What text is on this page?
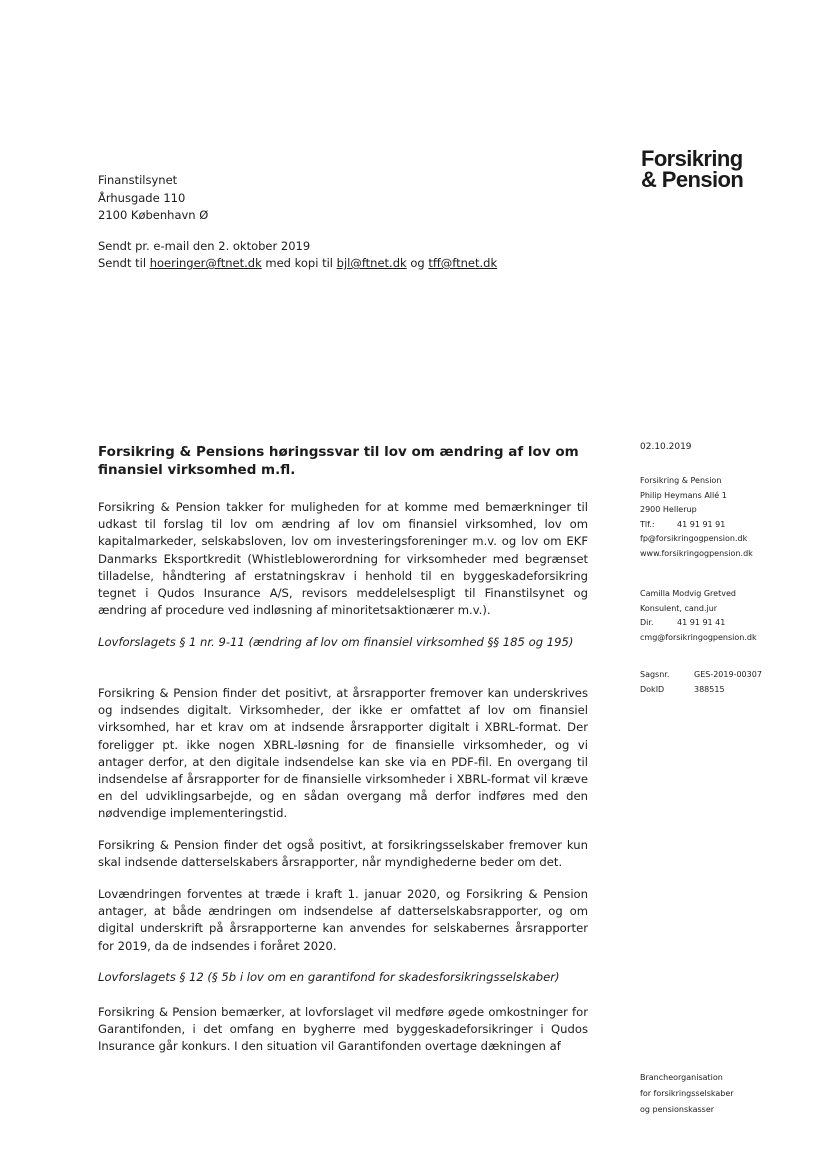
Forsikring
& Pension
Finanstilsynet
Århusgade 110
2100 København Ø
Sendt pr. e-mail den 2. oktober 2019
Sendt til hoeringer@ftnet.dk med kopi til bjl@ftnet.dk og tff@ftnet.dk
Forsikring & Pensions høringssvar til lov om ændring af lov om finansiel virksomhed m.fl.

Forsikring & Pension takker for muligheden for at komme med bemærkninger til udkast til forslag til lov om ændring af lov om finansiel virksomhed, lov om kapitalmarkeder, selskabsloven, lov om investeringsforeninger m.v. og lov om EKF Danmarks Eksportkredit (Whistleblowerordning for virksomheder med begrænset tilladelse, håndtering af erstatningskrav i henhold til en byggeskadeforsikring tegnet i Qudos Insurance A/S, revisors meddelelsespligt til Finanstilsynet og ændring af procedure ved indløsning af minoritetsaktionærer m.v.).

Lovforslagets § 1 nr. 9-11 (ændring af lov om finansiel virksomhed §§ 185 og 195)

Forsikring & Pension finder det positivt, at årsrapporter fremover kan underskrives og indsendes digitalt. Virksomheder, der ikke er omfattet af lov om finansiel virksomhed, har et krav om at indsende årsrapporter digitalt i XBRL-format. Der foreligger pt. ikke nogen XBRL-løsning for de finansielle virksomheder, og vi antager derfor, at den digitale indsendelse kan ske via en PDF-fil. En overgang til indsendelse af årsrapporter for de finansielle virksomheder i XBRL-format vil kræve en del udviklingsarbejde, og en sådan overgang må derfor indføres med den nødvendige implementeringstid.

Forsikring & Pension finder det også positivt, at forsikringsselskaber fremover kun skal indsende datterselskabers årsrapporter, når myndighederne beder om det.

Lovændringen forventes at træde i kraft 1. januar 2020, og Forsikring & Pension antager, at både ændringen om indsendelse af datterselskabsrapporter, og om digital underskrift på årsrapporterne kan anvendes for selskabernes årsrapporter for 2019, da de indsendes i foråret 2020.

Lovforslagets § 12 (§ 5b i lov om en garantifond for skadesforsikringsselskaber)

Forsikring & Pension bemærker, at lovforslaget vil medføre øgede omkostninger for Garantifonden, i det omfang en bygherre med byggeskadeforsikringer i Qudos Insurance går konkurs. I den situation vil Garantifonden overtage dækningen af

02.10.2019
Forsikring & Pension
Philip Heymans Allé 1
2900 Hellerup
Tlf.:	41 91 91 91
fp@forsikringogpension.dk
www.forsikringogpension.dk
Camilla Modvig Gretved
Konsulent, cand.jur
Dir.	41 91 91 41
cmg@forsikringogpension.dk
Sagsnr.	GES-2019-00307
DokID	388515
Brancheorganisation
for forsikringsselskaber
og pensionskasser
